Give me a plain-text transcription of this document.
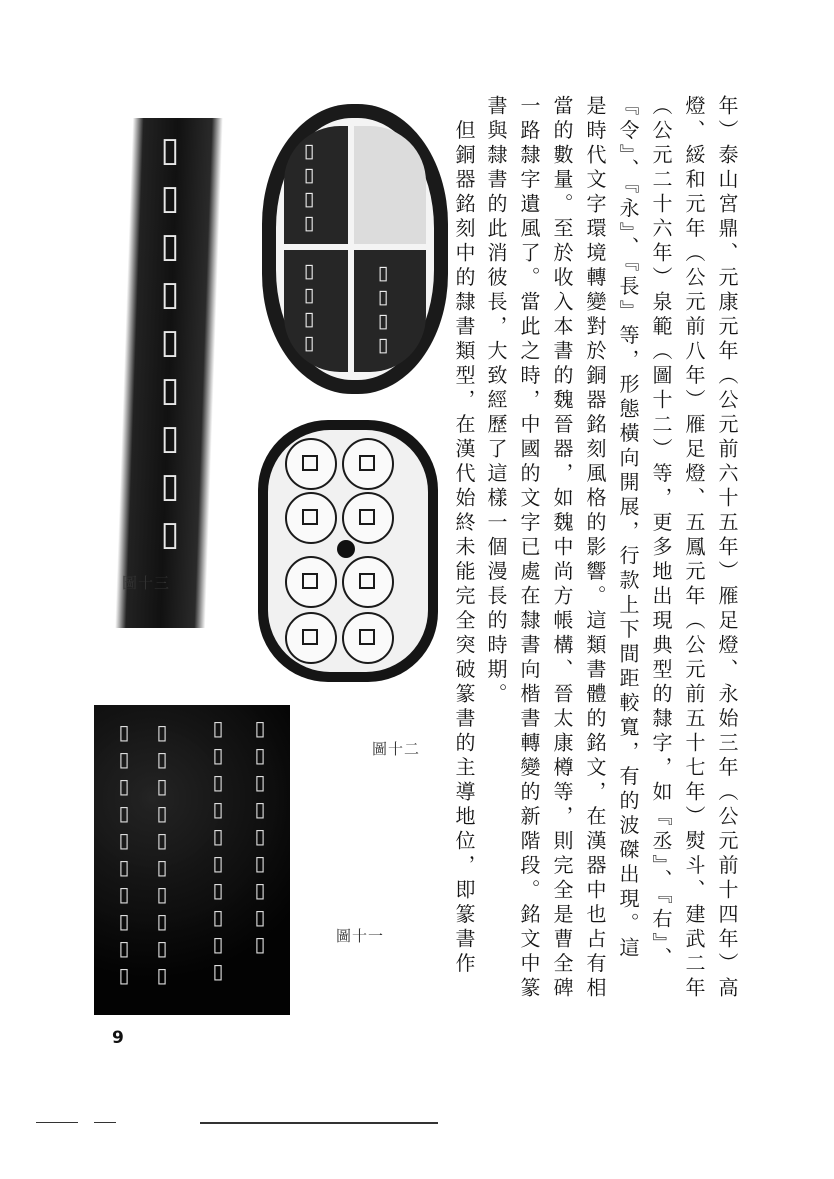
年）泰山宮鼎、元康元年（公元前六十五年）雁足燈、永始三年（公元前十四年）高
燈、綏和元年（公元前八年）雁足燈、五鳳元年（公元前五十七年）熨斗、建武二年
（公元二十六年）泉範（圖十二）等，更多地出現典型的隸字，如『丞』、『右』、
『令』、『永』、『長』等，形態橫向開展，行款上下間距較寬，有的波磔出現。這
是時代文字環境轉變對於銅器銘刻風格的影響。這類書體的銘文，在漢器中也占有相
當的數量。至於收入本書的魏晉器，如魏中尚方帳構、晉太康樽等，則完全是曹全碑
一路隸字遺風了。當此之時，中國的文字已處在隸書向楷書轉變的新階段。銘文中篆
書與隸書的此消彼長，大致經歷了這樣一個漫長的時期。
　但銅器銘刻中的隸書類型，在漢代始終未能完全突破篆書的主導地位，即篆書作
▯▯▯▯▯▯▯▯▯
圖十三
▯▯▯▯
▯▯▯▯	▯▯▯▯
圖十二
▯▯▯▯▯▯▯▯▯▯ ▯▯▯▯▯▯▯▯▯▯ ▯▯▯▯▯▯▯▯▯▯ ▯▯▯▯▯▯▯▯▯	圖十一
9
